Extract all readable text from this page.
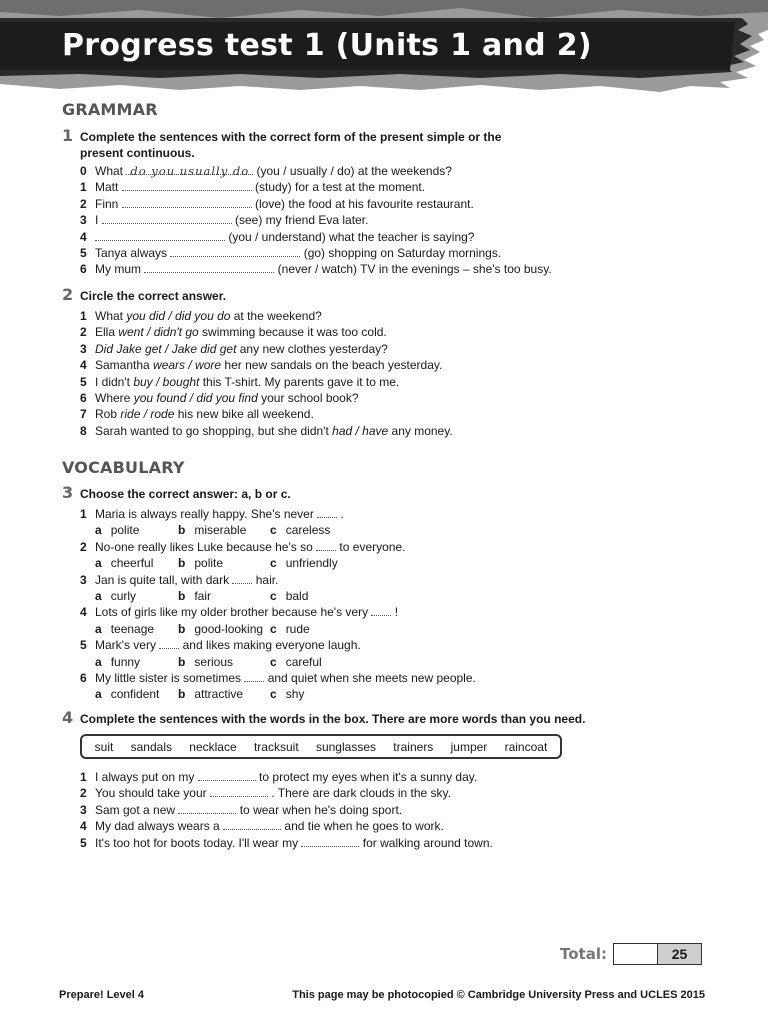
Progress test 1 (Units 1 and 2)
GRAMMAR
1 Complete the sentences with the correct form of the present simple or the present continuous.
0 What do you usually do (you / usually / do) at the weekends?
1 Matt	(study) for a test at the moment.
2 Finn	(love) the food at his favourite restaurant.
3 I	(see) my friend Eva later.
4	(you / understand) what the teacher is saying?
5 Tanya always	(go) shopping on Saturday mornings.
6 My mum	(never / watch) TV in the evenings – she's too busy.
2 Circle the correct answer.
1 What you did / did you do at the weekend?
2 Ella went / didn't go swimming because it was too cold.
3 Did Jake get / Jake did get any new clothes yesterday?
4 Samantha wears / wore her new sandals on the beach yesterday.
5 I didn't buy / bought this T-shirt. My parents gave it to me.
6 Where you found / did you find your school book?
7 Rob ride / rode his new bike all weekend.
8 Sarah wanted to go shopping, but she didn't had / have any money.
VOCABULARY
3 Choose the correct answer: a, b or c.
1 Maria is always really happy. She's never  .
a polite	b miserable c careless
2 No-one really likes Luke because he's so  to everyone.
a cheerful b polite	c unfriendly
3 Jan is quite tall, with dark  hair.
a curly	b fair	c bald
4 Lots of girls like my older brother because he's very  !
a teenage b good-looking c rude
5 Mark's very  and likes making everyone laugh.
a funny	b serious	c careful
6 My little sister is sometimes  and quiet when she meets new people.
a confident b attractive c shy
4 Complete the sentences with the words in the box. There are more words than you need.
suit sandals necklace tracksuit sunglasses trainers jumper raincoat
1 I always put on my	to protect my eyes when it's a sunny day.
2 You should take your	. There are dark clouds in the sky.
3 Sam got a new	to wear when he's doing sport.
4 My dad always wears a	and tie when he goes to work.
5 It's too hot for boots today. I'll wear my	for walking around town.
Total:	25
Prepare! Level 4	This page may be photocopied © Cambridge University Press and UCLES 2015
